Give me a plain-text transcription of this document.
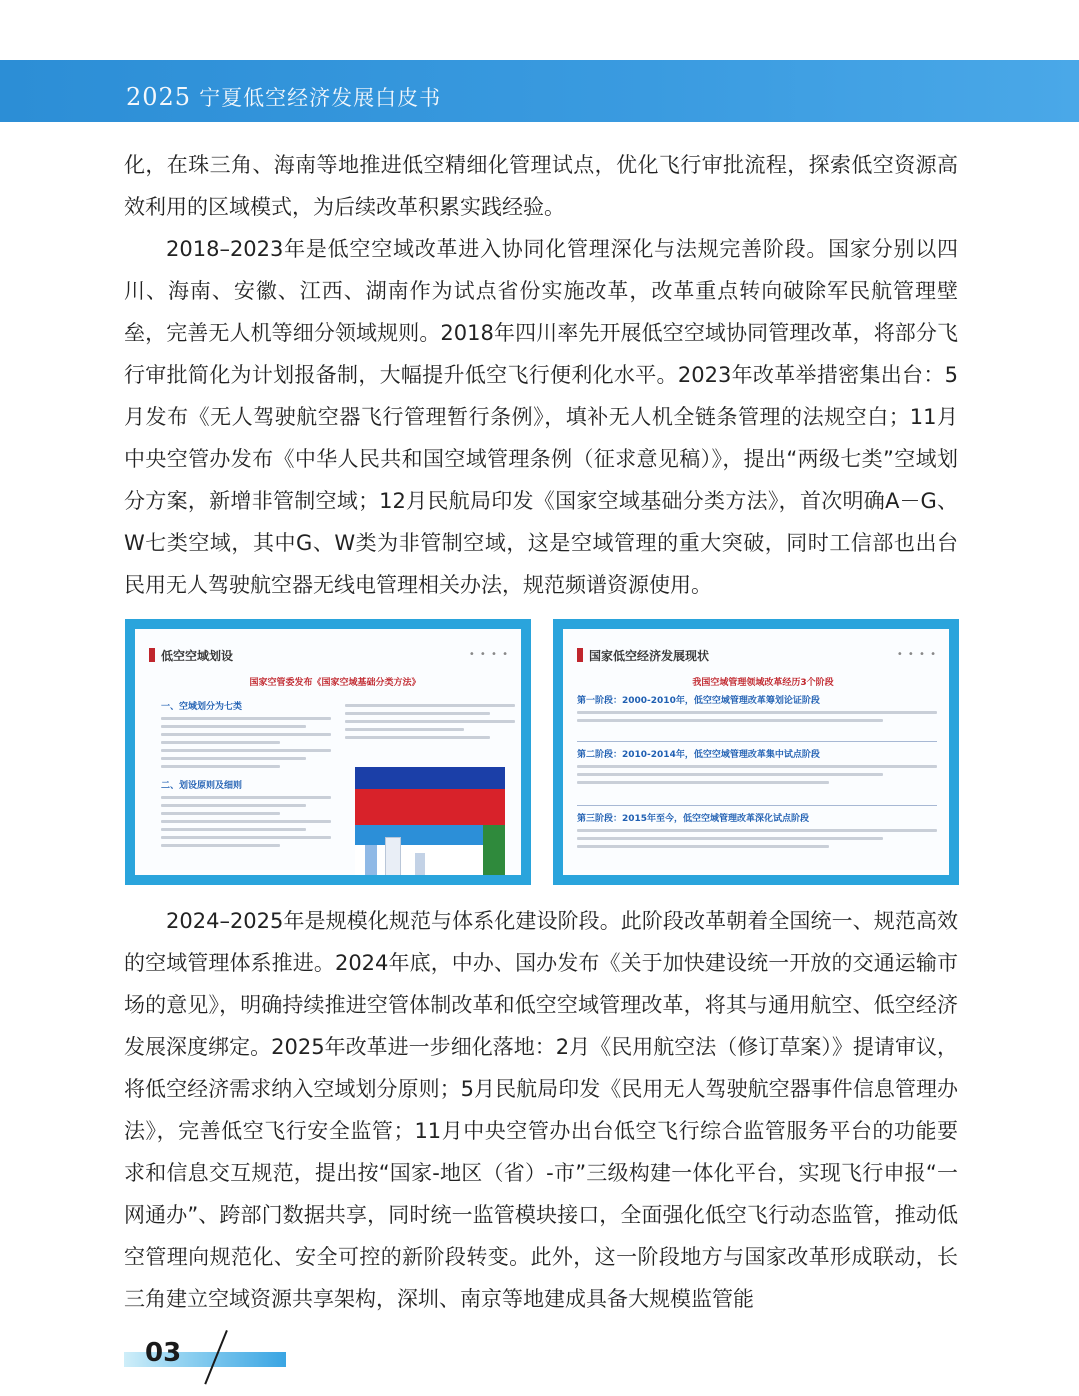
2025 宁夏低空经济发展白皮书

化，在珠三角、海南等地推进低空精细化管理试点，优化飞行审批流程，探索低空资源高效利用的区域模式，为后续改革积累实践经验。

2018–2023年是低空空域改革进入协同化管理深化与法规完善阶段。国家分别以四川、海南、安徽、江西、湖南作为试点省份实施改革，改革重点转向破除军民航管理壁垒，完善无人机等细分领域规则。2018年四川率先开展低空空域协同管理改革，将部分飞行审批简化为计划报备制，大幅提升低空飞行便利化水平。2023年改革举措密集出台：5月发布《无人驾驶航空器飞行管理暂行条例》，填补无人机全链条管理的法规空白；11月中央空管办发布《中华人民共和国空域管理条例（征求意见稿）》，提出“两级七类”空域划分方案，新增非管制空域；12月民航局印发《国家空域基础分类方法》，首次明确A－G、W七类空域，其中G、W类为非管制空域，这是空域管理的重大突破，同时工信部也出台民用无人驾驶航空器无线电管理相关办法，规范频谱资源使用。

低空空域划设	• • • •
国家空管委发布《国家空域基础分类方法》
一、空域划分为七类
二、划设原则及细则
国家低空经济发展现状	• • • •
我国空域管理领域改革经历3个阶段
第一阶段：2000-2010年，低空空域管理改革筹划论证阶段
第二阶段：2010-2014年，低空空域管理改革集中试点阶段
第三阶段：2015年至今，低空空域管理改革深化试点阶段

2024–2025年是规模化规范与体系化建设阶段。此阶段改革朝着全国统一、规范高效的空域管理体系推进。2024年底，中办、国办发布《关于加快建设统一开放的交通运输市场的意见》，明确持续推进空管体制改革和低空空域管理改革，将其与通用航空、低空经济发展深度绑定。2025年改革进一步细化落地：2月《民用航空法（修订草案）》提请审议，将低空经济需求纳入空域划分原则；5月民航局印发《民用无人驾驶航空器事件信息管理办法》，完善低空飞行安全监管；11月中央空管办出台低空飞行综合监管服务平台的功能要求和信息交互规范，提出按“国家-地区（省）-市”三级构建一体化平台，实现飞行申报“一网通办”、跨部门数据共享，同时统一监管模块接口，全面强化低空飞行动态监管，推动低空管理向规范化、安全可控的新阶段转变。此外，这一阶段地方与国家改革形成联动，长三角建立空域资源共享架构，深圳、南京等地建成具备大规模监管能

03
